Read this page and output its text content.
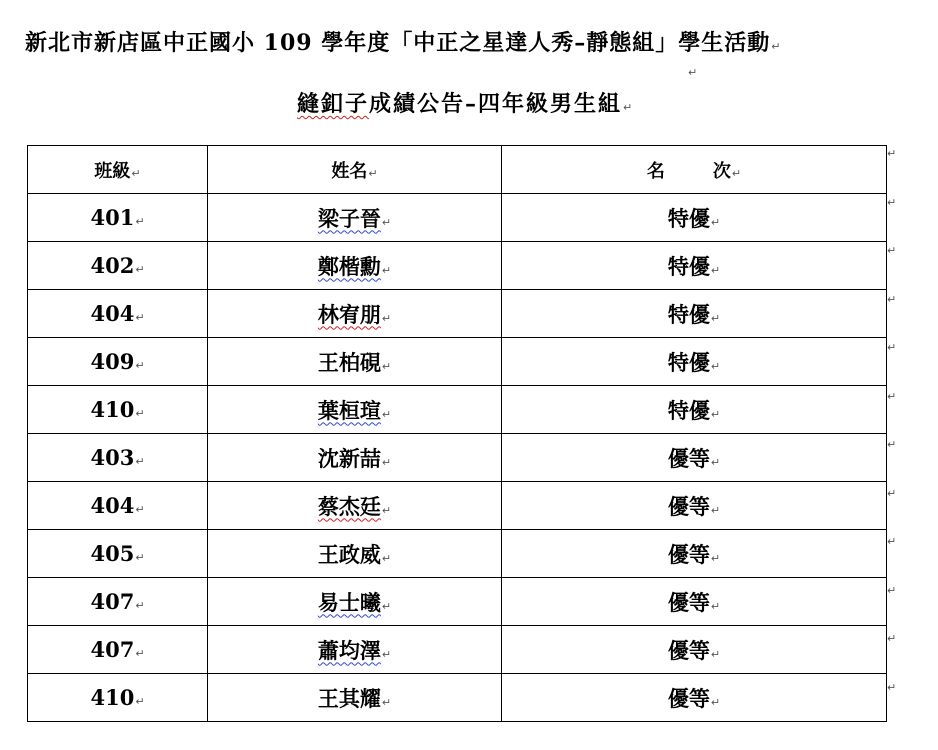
新北市新店區中正國小 109 學年度「中正之星達人秀–靜態組」學生活動↵
↵
縫釦子成績公告–四年級男生組↵
班級↵	姓名↵	名 次↵
401↵	梁子晉↵	特優↵
402↵	鄭楷勳↵	特優↵
404↵	林宥朋↵	特優↵
409↵	王柏硯↵	特優↵
410↵	葉桓瑄↵	特優↵
403↵	沈新喆↵	優等↵
404↵	蔡杰廷↵	優等↵
405↵	王政威↵	優等↵
407↵	易士曦↵	優等↵
407↵	蕭均澤↵	優等↵
410↵	王其耀↵	優等↵
↵
↵
↵
↵
↵
↵
↵
↵
↵
↵
↵
↵
